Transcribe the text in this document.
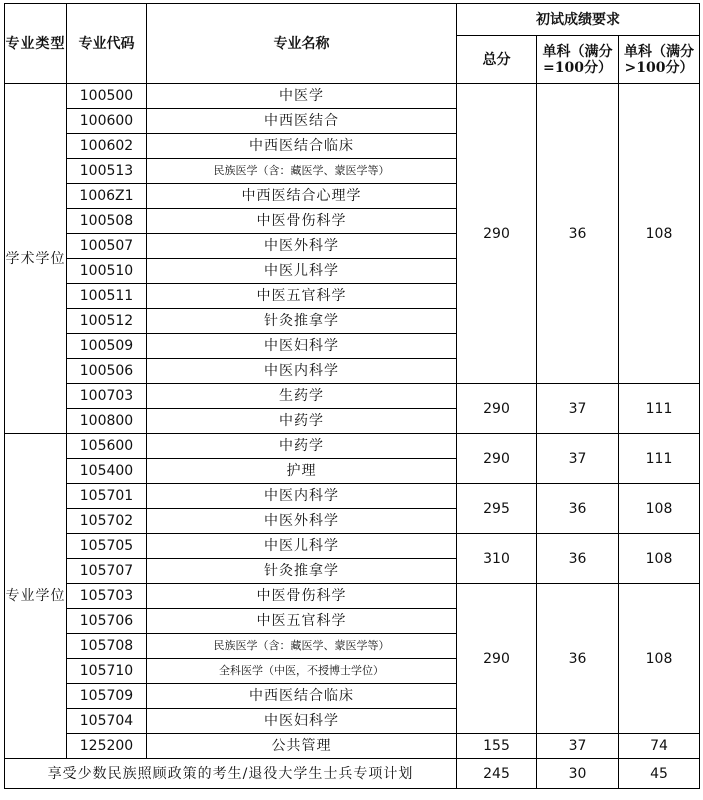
专业类型	专业代码	专业名称	初试成绩要求		
			总分	单科（满分=100分）	单科（满分>100分）
学术学位	100500	中医学	290	36	108
	100600	中西医结合			
	100602	中西医结合临床			
	100513	民族医学（含：藏医学、蒙医学等）			
	1006Z1	中西医结合心理学			
	100508	中医骨伤科学			
	100507	中医外科学			
	100510	中医儿科学			
	100511	中医五官科学			
	100512	针灸推拿学			
	100509	中医妇科学			
	100506	中医内科学			
	100703	生药学	290	37	111
	100800	中药学			
专业学位	105600	中药学	290	37	111
	105400	护理			
	105701	中医内科学	295	36	108
	105702	中医外科学			
	105705	中医儿科学	310	36	108
	105707	针灸推拿学			
	105703	中医骨伤科学	290	36	108
	105706	中医五官科学			
	105708	民族医学（含：藏医学、蒙医学等）			
	105710	全科医学（中医，不授博士学位）			
	105709	中西医结合临床			
	105704	中医妇科学			
	125200	公共管理	155	37	74
享受少数民族照顾政策的考生/退役大学生士兵专项计划			245	30	45
